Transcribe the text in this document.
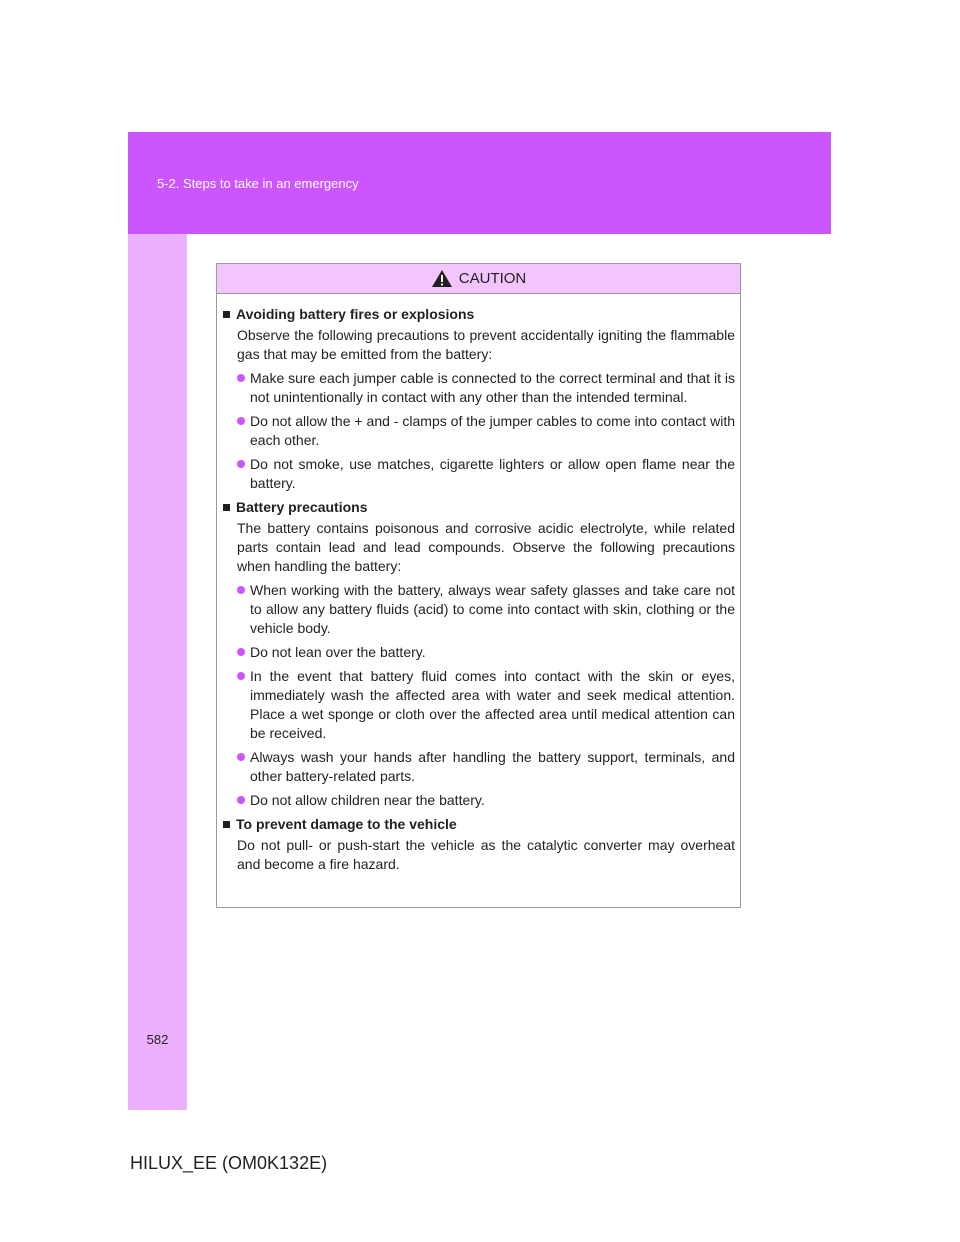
5-2. Steps to take in an emergency
582
HILUX_EE (OM0K132E)
CAUTION
Avoiding battery fires or explosions
Observe the following precautions to prevent accidentally igniting the flammable gas that may be emitted from the battery:
Make sure each jumper cable is connected to the correct terminal and that it is not unintentionally in contact with any other than the intended terminal.
Do not allow the + and - clamps of the jumper cables to come into contact with each other.
Do not smoke, use matches, cigarette lighters or allow open flame near the battery.
Battery precautions
The battery contains poisonous and corrosive acidic electrolyte, while related parts contain lead and lead compounds. Observe the following precautions when handling the battery:
When working with the battery, always wear safety glasses and take care not to allow any battery fluids (acid) to come into contact with skin, clothing or the vehicle body.
Do not lean over the battery.
In the event that battery fluid comes into contact with the skin or eyes, immediately wash the affected area with water and seek medical attention. Place a wet sponge or cloth over the affected area until medical attention can be received.
Always wash your hands after handling the battery support, terminals, and other battery-related parts.
Do not allow children near the battery.
To prevent damage to the vehicle
Do not pull- or push-start the vehicle as the catalytic converter may overheat and become a fire hazard.
